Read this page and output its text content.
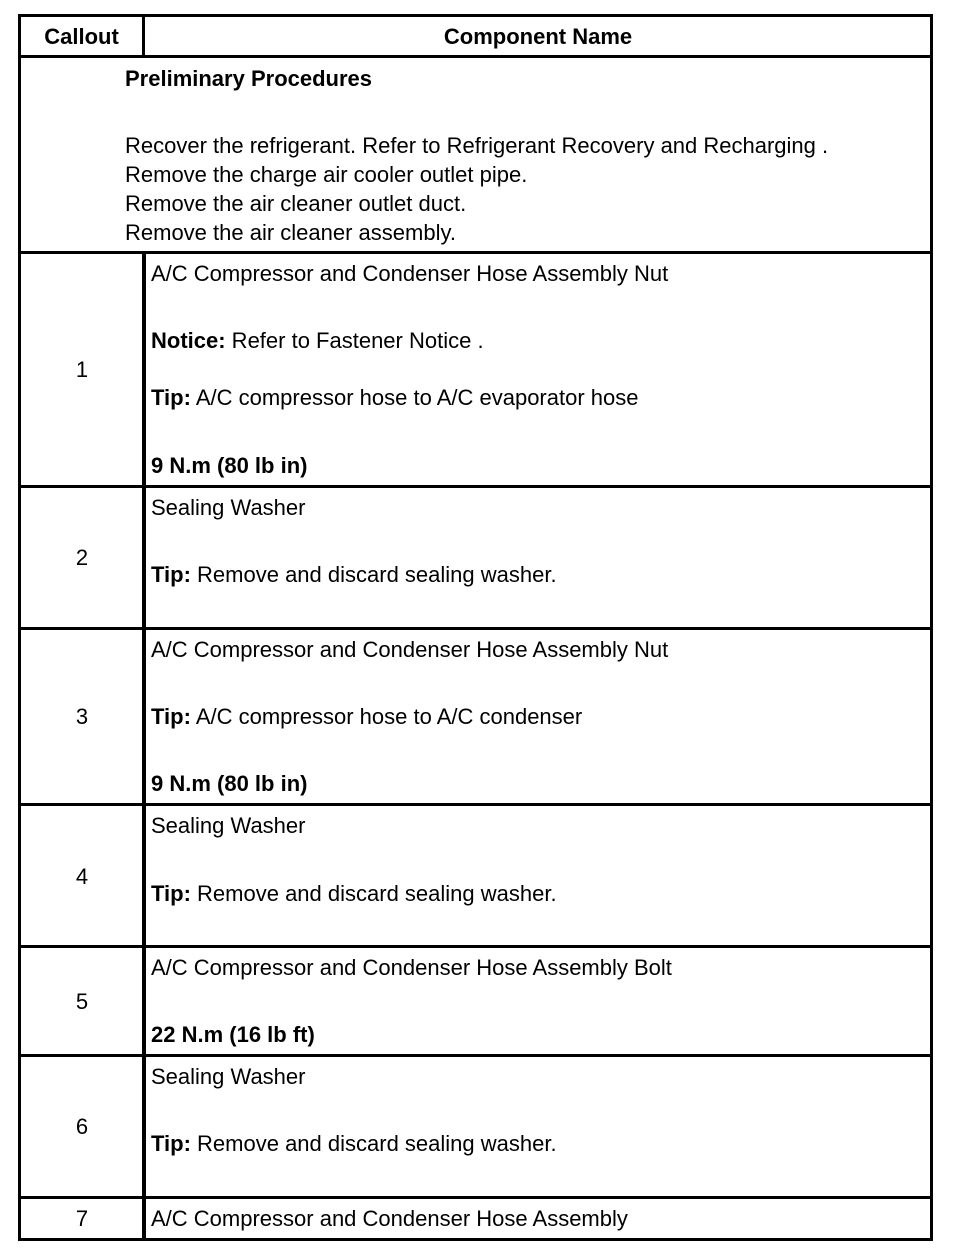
Callout	Component Name
Preliminary Procedures
Recover the refrigerant. Refer to Refrigerant Recovery and Recharging .
Remove the charge air cooler outlet pipe.
Remove the air cleaner outlet duct.
Remove the air cleaner assembly.
1
A/C Compressor and Condenser Hose Assembly Nut
Notice: Refer to Fastener Notice .
Tip: A/C compressor hose to A/C evaporator hose
9 N.m (80 lb in)
2
Sealing Washer
Tip: Remove and discard sealing washer.
3
A/C Compressor and Condenser Hose Assembly Nut
Tip: A/C compressor hose to A/C condenser
9 N.m (80 lb in)
4
Sealing Washer
Tip: Remove and discard sealing washer.
5
A/C Compressor and Condenser Hose Assembly Bolt
22 N.m (16 lb ft)
6
Sealing Washer
Tip: Remove and discard sealing washer.
7	A/C Compressor and Condenser Hose Assembly
